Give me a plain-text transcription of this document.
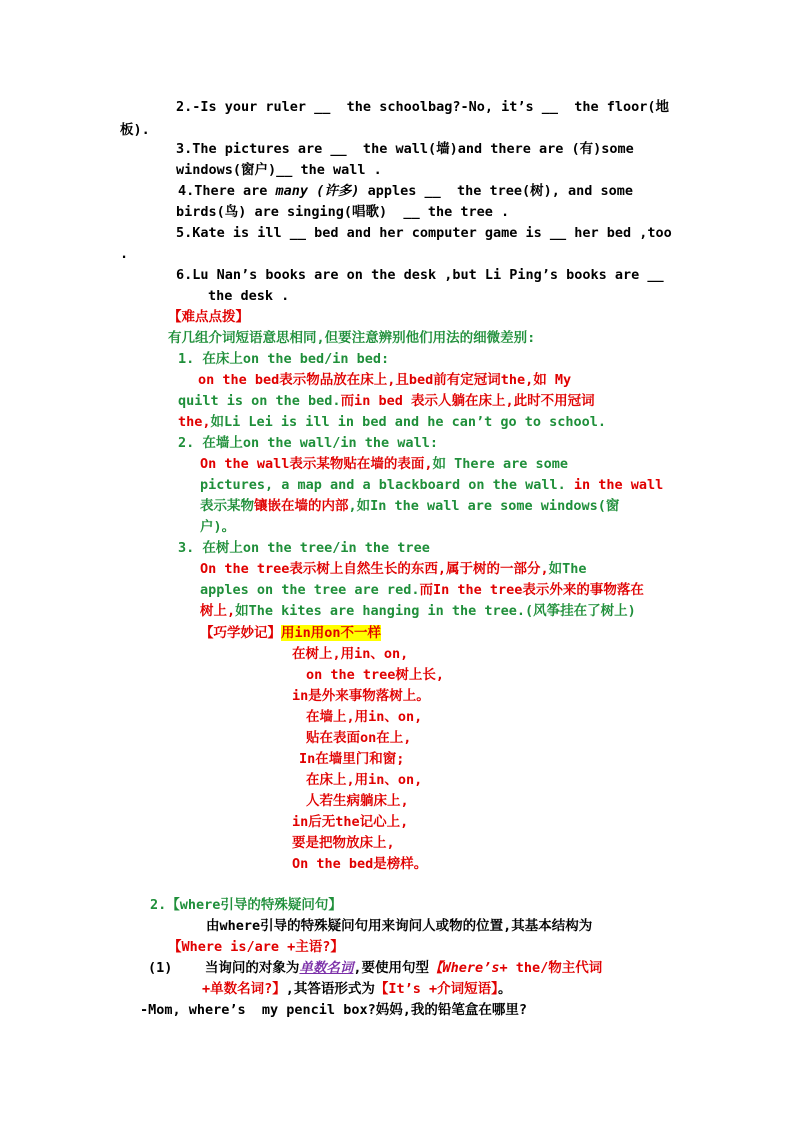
2.-Is your ruler __  the schoolbag?-No, it’s __  the floor(地
板).
3.The pictures are __  the wall(墙)and there are (有)some
windows(窗户)__ the wall .
4.There are many (许多) apples __  the tree(树), and some
birds(鸟) are singing(唱歌)  __ the tree .
5.Kate is ill __ bed and her computer game is __ her bed ,too
.
6.Lu Nan’s books are on the desk ,but Li Ping’s books are __
the desk .
【难点点拨】
有几组介词短语意思相同,但要注意辨别他们用法的细微差别:
1. 在床上on the bed/in bed:
on the bed表示物品放在床上,且bed前有定冠词the,如 My
quilt is on the bed.而in bed 表示人躺在床上,此时不用冠词
the,如Li Lei is ill in bed and he can’t go to school.
2. 在墙上on the wall/in the wall:
On the wall表示某物贴在墙的表面,如 There are some
pictures, a map and a blackboard on the wall. in the wall
表示某物镶嵌在墙的内部,如In the wall are some windows(窗
户)。
3. 在树上on the tree/in the tree
On the tree表示树上自然生长的东西,属于树的一部分,如The
apples on the tree are red.而In the tree表示外来的事物落在
树上,如The kites are hanging in the tree.(风筝挂在了树上)
【巧学妙记】用in用on不一样
在树上,用in、on,
on the tree树上长,
in是外来事物落树上。
在墙上,用in、on,
贴在表面on在上,
In在墙里门和窗;
在床上,用in、on,
人若生病躺床上,
in后无the记心上,
要是把物放床上,
On the bed是榜样。
2.【where引导的特殊疑问句】
由where引导的特殊疑问句用来询问人或物的位置,其基本结构为
【Where is/are +主语?】
(1) 当询问的对象为单数名词,要使用句型【Where’s+ the/物主代词
+单数名词?】,其答语形式为【It’s +介词短语】。
-Mom, where’s  my pencil box?妈妈,我的铅笔盒在哪里?
